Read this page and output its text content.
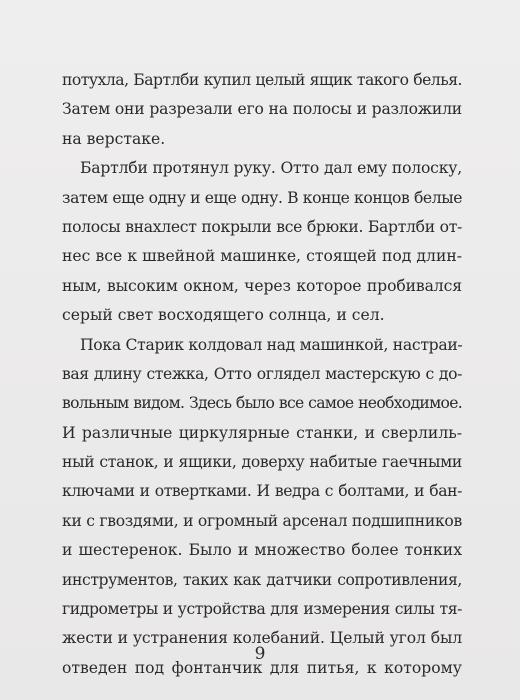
потухла, Бартлби купил целый ящик такого белья.
Затем они разрезали его на полосы и разложили
на верстаке.
Бартлби протянул руку. Отто дал ему полоску,
затем еще одну и еще одну. В конце концов белые
полосы внахлест покрыли все брюки. Бартлби от-
нес все к швейной машинке, стоящей под длин-
ным, высоким окном, через которое пробивался
серый свет восходящего солнца, и сел.
Пока Старик колдовал над машинкой, настраи-
вая длину стежка, Отто оглядел мастерскую с до-
вольным видом. Здесь было все самое необходимое.
И различные циркулярные станки, и сверлиль-
ный станок, и ящики, доверху набитые гаечными
ключами и отвертками. И ведра с болтами, и бан-
ки с гвоздями, и огромный арсенал подшипников
и шестеренок. Было и множество более тонких
инструментов, таких как датчики сопротивления,
гидрометры и устройства для измерения силы тя-
жести и устранения колебаний. Целый угол был
отведен под фонтанчик для питья, к которому
9
